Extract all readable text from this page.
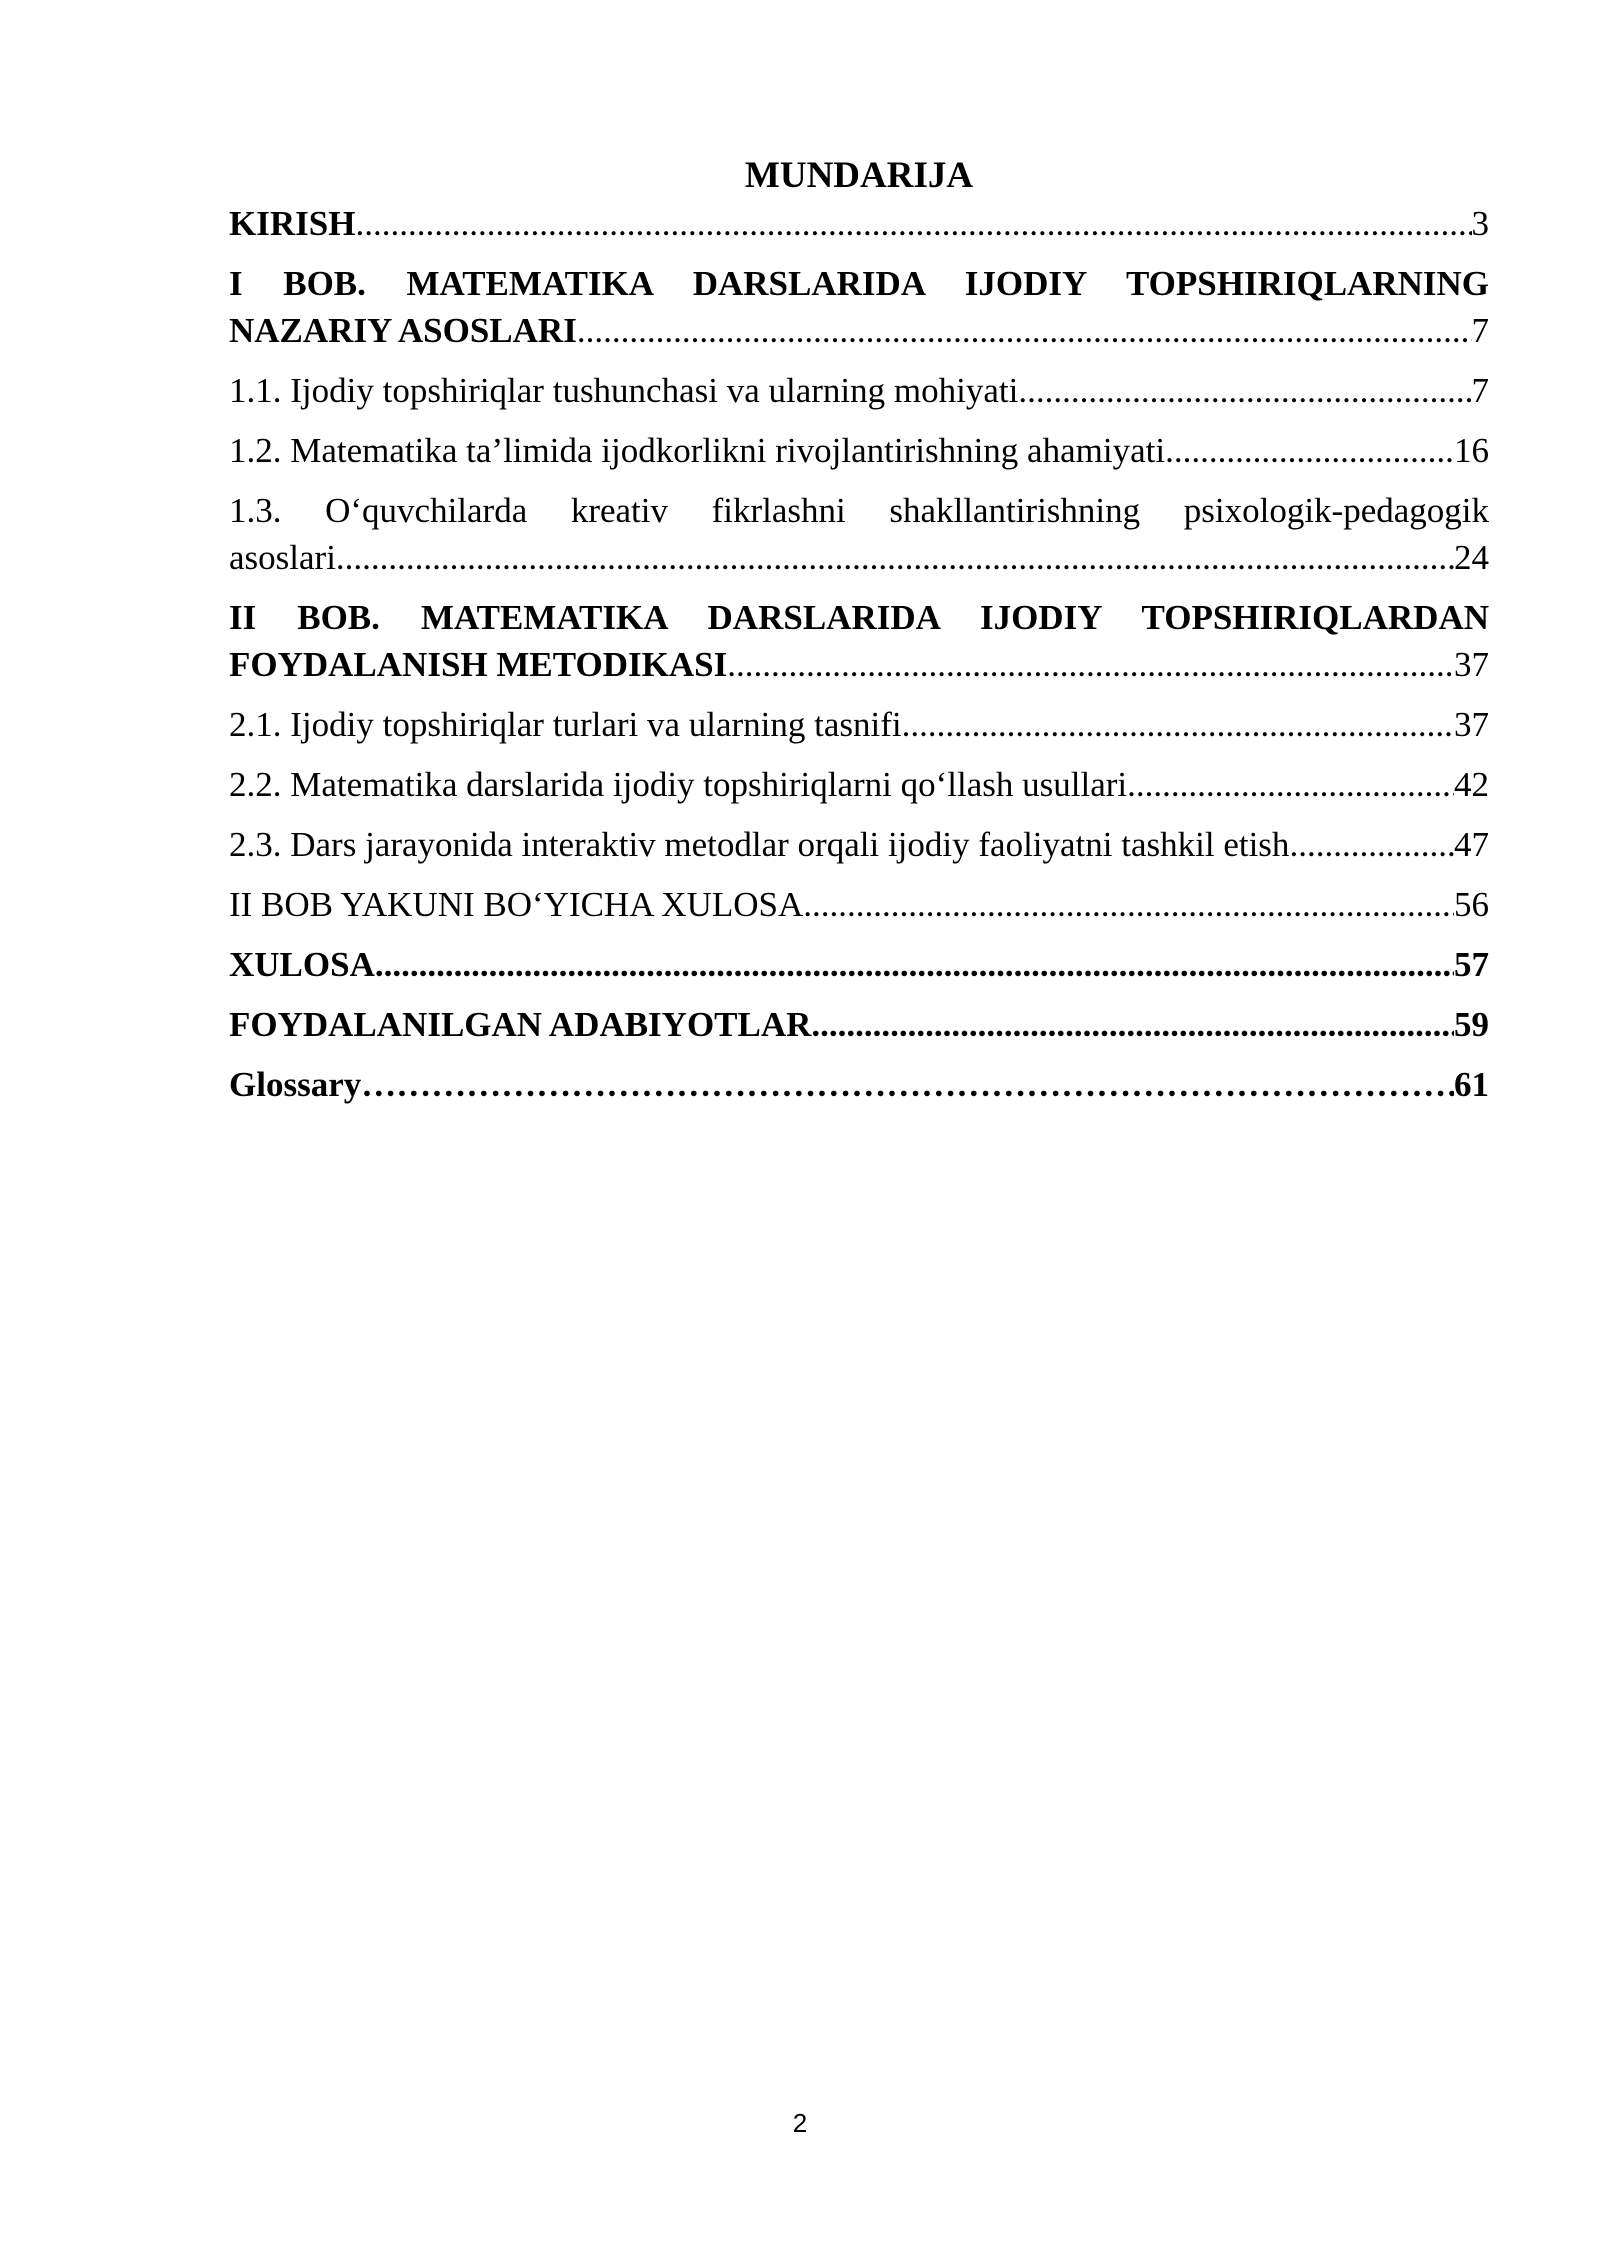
MUNDARIJA
KIRISH .....	3
I BOB. MATEMATIKA DARSLARIDA IJODIY TOPSHIRIQLARNING
NAZARIY ASOSLARI .....	7
1.1. Ijodiy topshiriqlar tushunchasi va ularning mohiyati .....	7
1.2. Matematika ta’limida ijodkorlikni rivojlantirishning ahamiyati .....	16
1.3. O‘quvchilarda kreativ fikrlashni shakllantirishning psixologik-pedagogik
asoslari .....	24
II BOB. MATEMATIKA DARSLARIDA IJODIY TOPSHIRIQLARDAN
FOYDALANISH METODIKASI .....	37
2.1. Ijodiy topshiriqlar turlari va ularning tasnifi .....	37
2.2. Matematika darslarida ijodiy topshiriqlarni qo‘llash usullari .....	42
2.3. Dars jarayonida interaktiv metodlar orqali ijodiy faoliyatni tashkil etish .....	47
II BOB YAKUNI BO‘YICHA XULOSA .....	56
XULOSA .....	57
FOYDALANILGAN ADABIYOTLAR .....	59
Glossary ……………………………………………………………………………………………………………………………………………………………………………………………………	61
2
